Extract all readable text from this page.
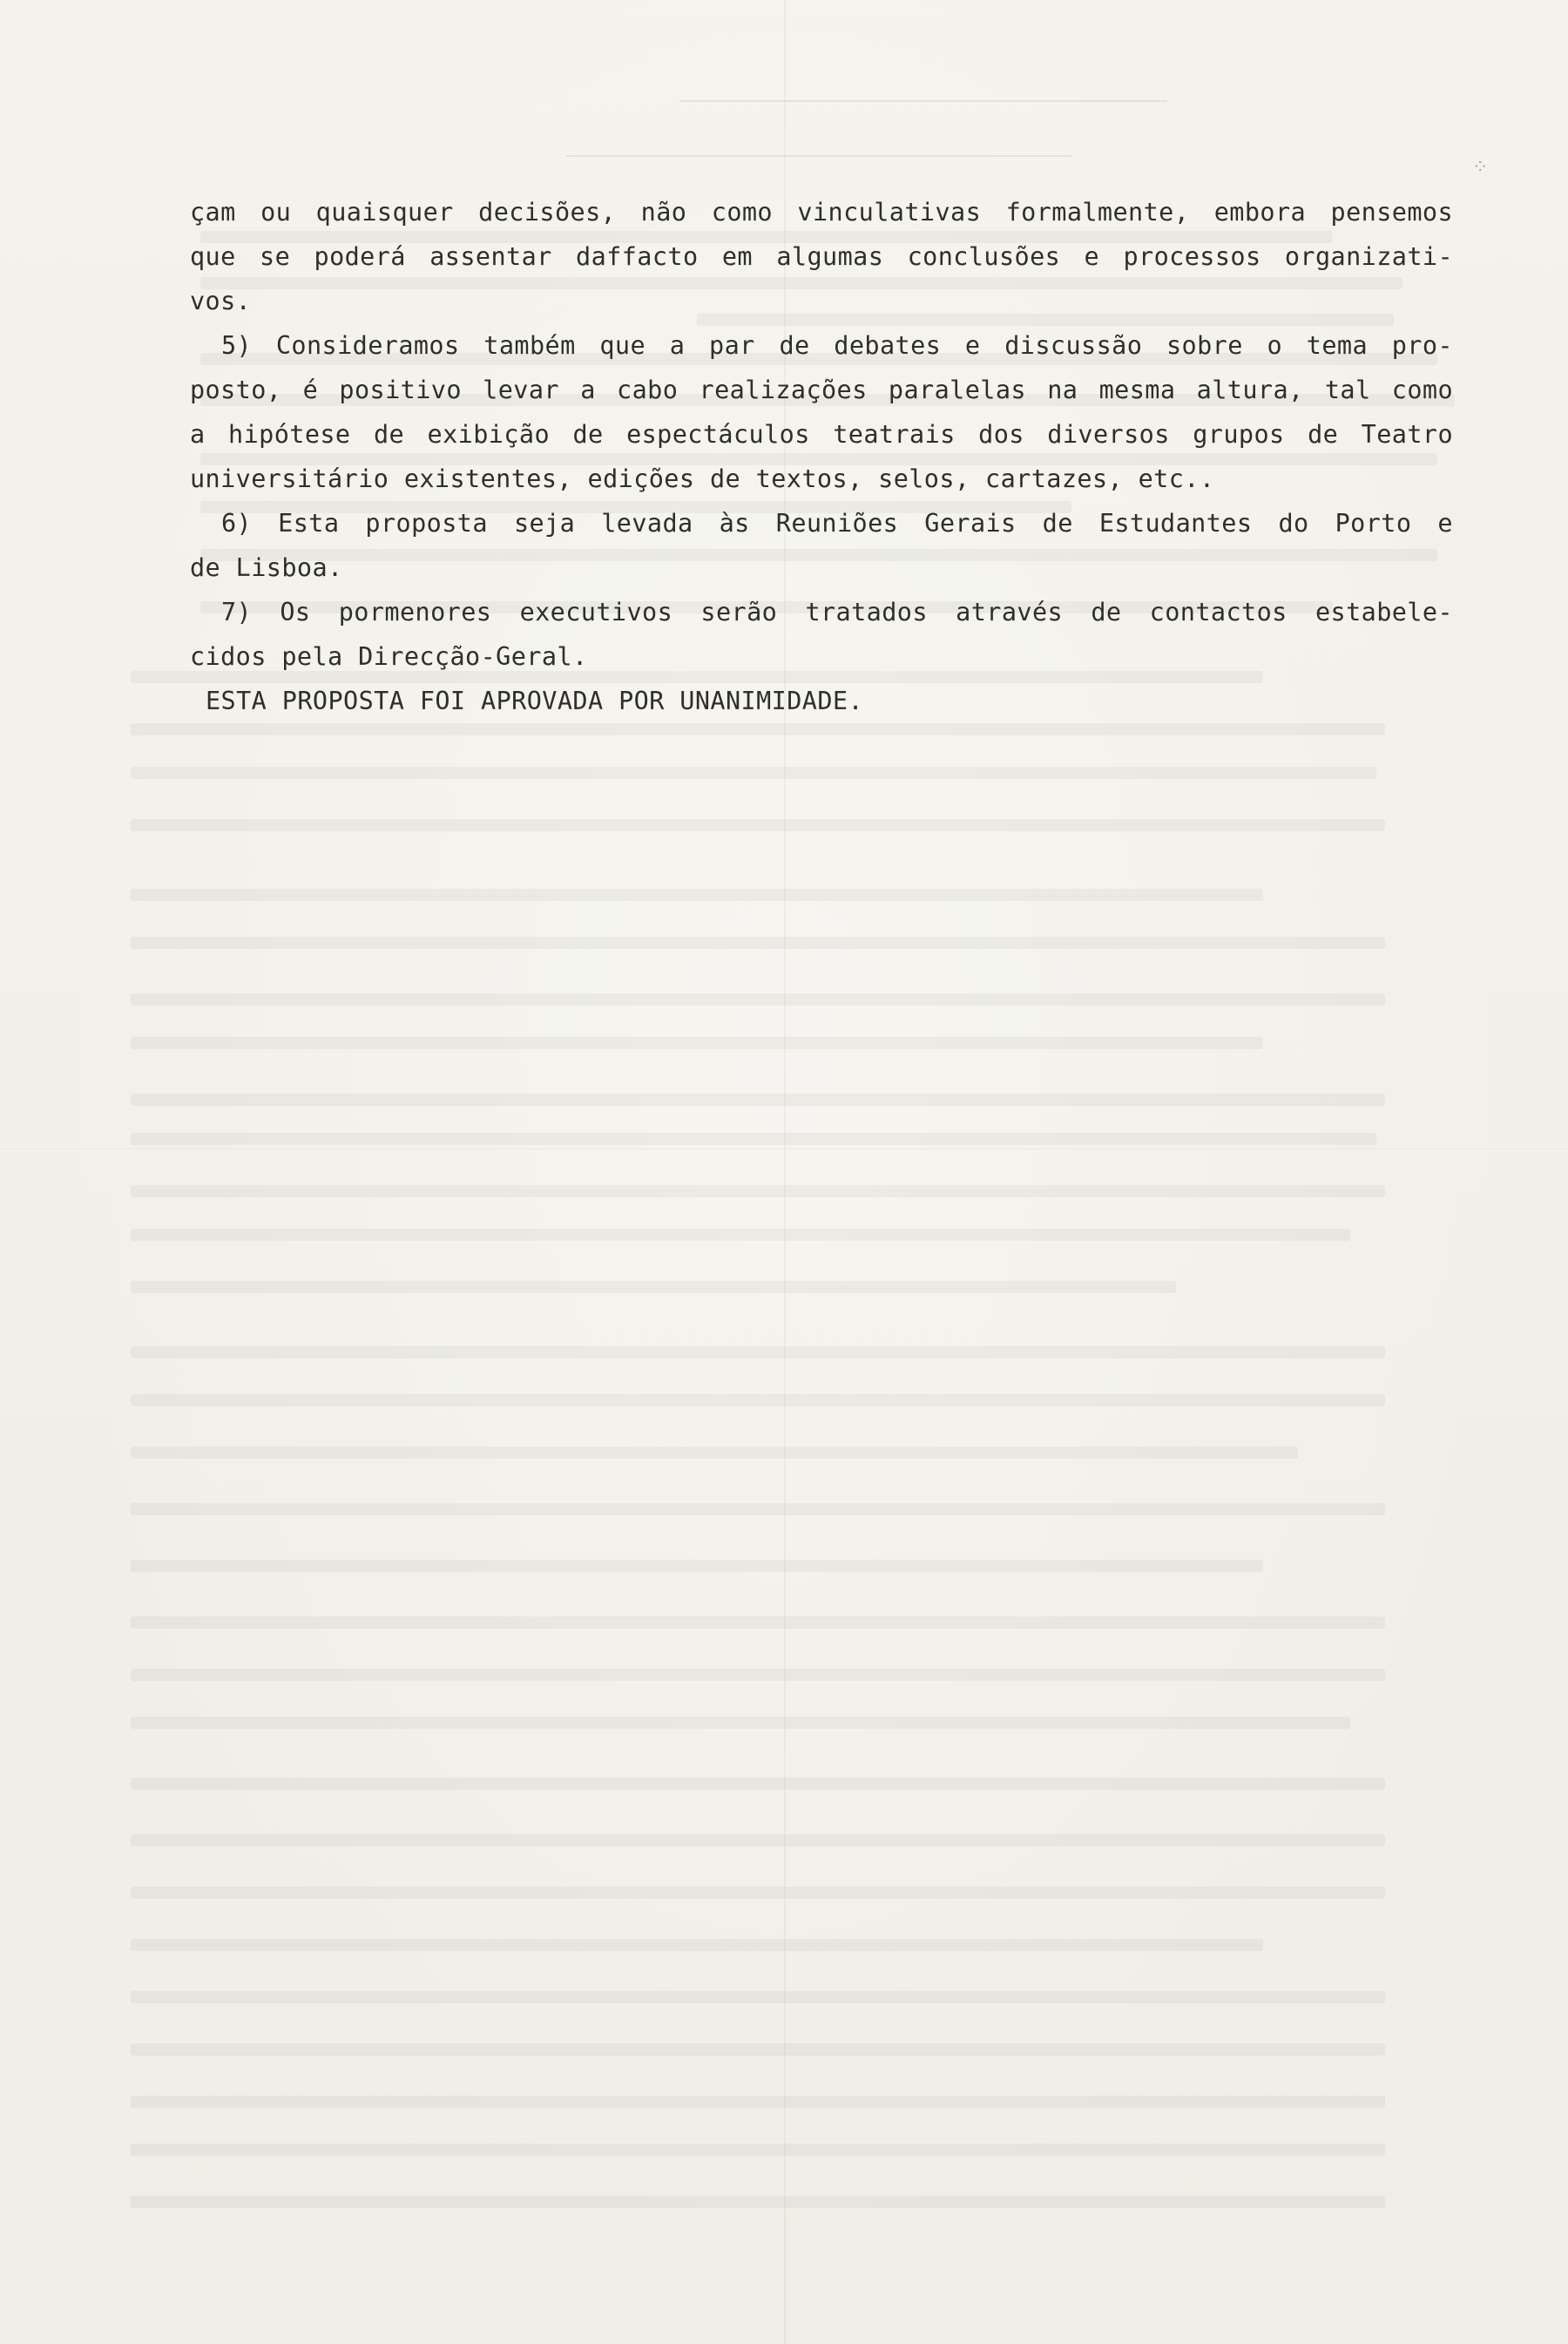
⁘
çam ou quaisquer decisões, não como vinculativas formalmente, embora pensemos
que se poderá assentar daffacto em algumas conclusões e processos organizati-
vos.
5) Consideramos também que a par de debates e discussão sobre o tema pro-
posto, é positivo levar a cabo realizações paralelas na mesma altura, tal como
a hipótese de exibição de espectáculos teatrais dos diversos grupos de Teatro
universitário existentes, edições de textos, selos, cartazes, etc..
6) Esta proposta seja levada às Reuniões Gerais de Estudantes do Porto e
de Lisboa.
7) Os pormenores executivos serão tratados através de contactos estabele-
cidos pela Direcção-Geral.
ESTA PROPOSTA FOI APROVADA POR UNANIMIDADE.
